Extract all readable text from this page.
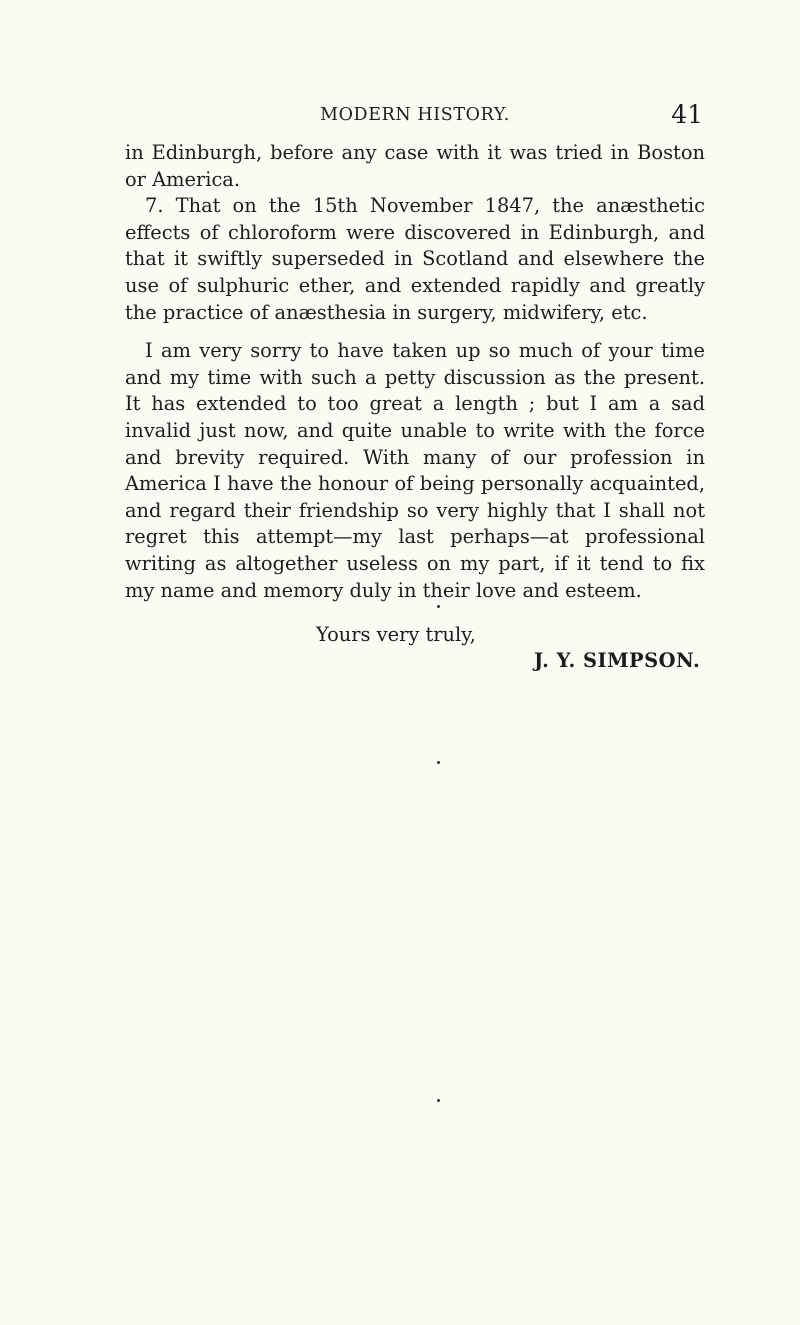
MODERN HISTORY.	41

in Edinburgh, before any case with it was tried in Boston or America.

7. That on the 15th November 1847, the anæsthetic effects of chloroform were discovered in Edinburgh, and that it swiftly superseded in Scotland and elsewhere the use of sulphuric ether, and extended rapidly and greatly the practice of anæsthesia in surgery, midwifery, etc.

I am very sorry to have taken up so much of your time and my time with such a petty discussion as the present. It has extended to too great a length ; but I am a sad invalid just now, and quite unable to write with the force and brevity required. With many of our profession in America I have the honour of being personally acquainted, and regard their friendship so very highly that I shall not regret this attempt—my last perhaps—at professional writing as altogether useless on my part, if it tend to fix my name and memory duly in their love and esteem.

Yours very truly,
J. Y. SIMPSON.
